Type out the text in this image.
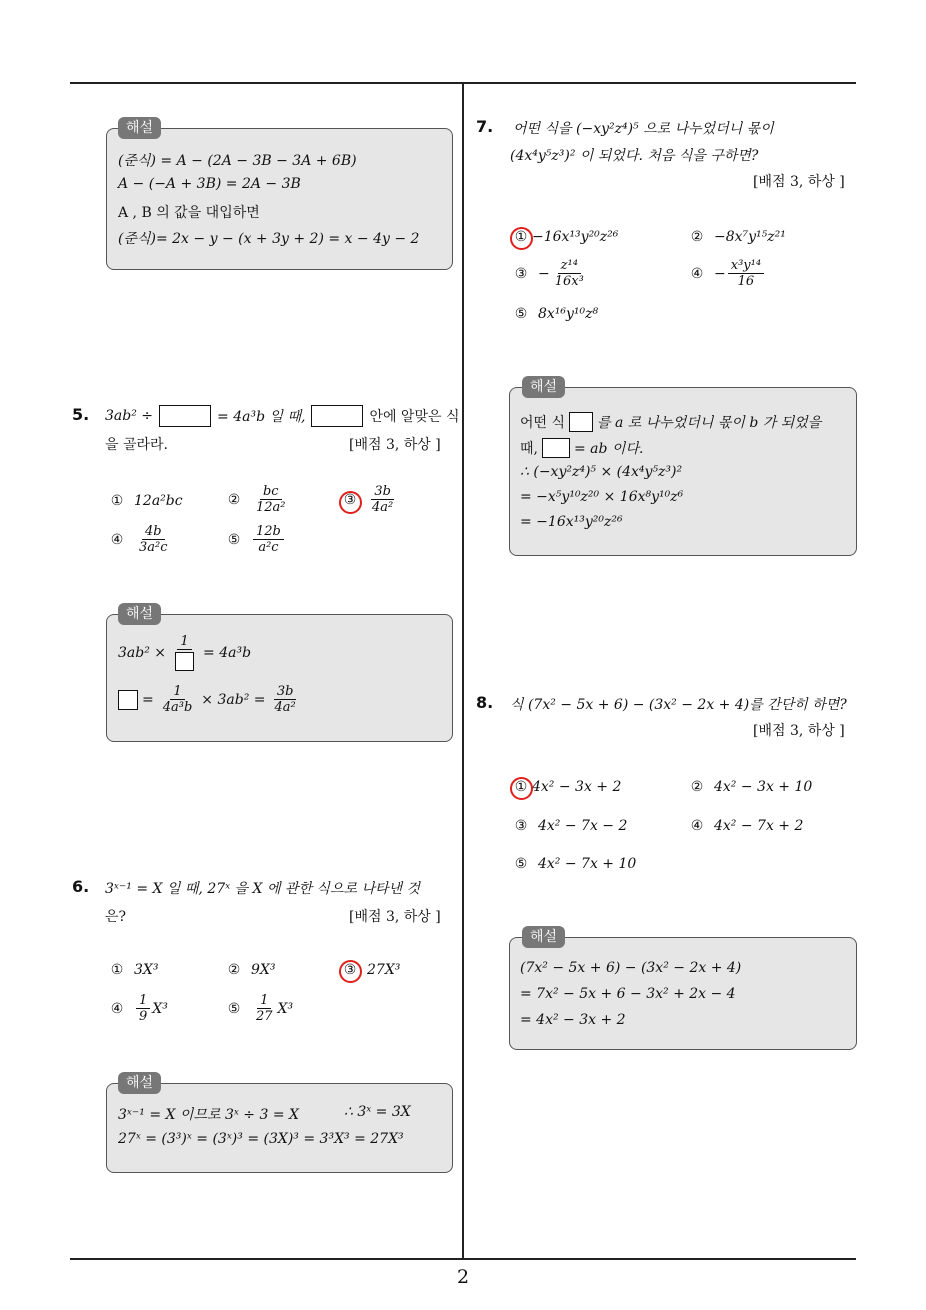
2
해설
(준식) = A − (2A − 3B − 3A + 6B)
A − (−A + 3B) = 2A − 3B
A , B 의 값을 대입하면
(준식)= 2x − y − (x + 3y + 2) = x − 4y − 2
5. 3ab² ÷	= 4a³b 일 때,	안에 알맞은 식
을 골라라.	[배점 3, 하상 ]
① 12a²bc	② $\frac{bc}{\text{12a²}}$	③ $\frac{3b}{\text{4a²}}$
④ $\frac{4b}{\text{3a²c}}$	⑤ $\frac{12b}{\text{a²c}}$
해설
3ab² ×
1
= 4a³b
= $\frac{1}{\text{4a³b}} \times 3ab^2 = \frac{3b}{\text{4a²}}$
6. 3ˣ⁻¹ = X 일 때, 27ˣ 을 X 에 관한 식으로 나타낸 것
은?	[배점 3, 하상 ]
① 3X³	② 9X³	③ 27X³
④ $\frac{1}{9} X^3$	⑤ $\frac{1}{27} X^3$
해설
3ˣ⁻¹ = X 이므로 3ˣ ÷ 3 = X	∴ 3ˣ = 3X
27ˣ = (3³)ˣ = (3ˣ)³ = (3X)³ = 3³X³ = 27X³
7. 어떤 식을 (−xy²z⁴)⁵ 으로 나누었더니 몫이
(4x⁴y⁵z³)² 이 되었다. 처음 식을 구하면?
[배점 3, 하상 ]
① −16x¹³y²⁰z²⁶	② −8x⁷y¹⁵z²¹
③ − $\frac{\text{z¹⁴}}{\text{16x³}}$	④ − $\frac{\text{x³y¹⁴}}{16}$
⑤ 8x¹⁶y¹⁰z⁸
해설
어떤 식 를 a 로 나누었더니 몫이 b 가 되었을
때,	= ab 이다.
∴ (−xy²z⁴)⁵ × (4x⁴y⁵z³)²
= −x⁵y¹⁰z²⁰ × 16x⁸y¹⁰z⁶
= −16x¹³y²⁰z²⁶
8. 식 (7x² − 5x + 6) − (3x² − 2x + 4)를 간단히 하면?
[배점 3, 하상 ]
① 4x² − 3x + 2	② 4x² − 3x + 10
③ 4x² − 7x − 2	④ 4x² − 7x + 2
⑤ 4x² − 7x + 10
해설
(7x² − 5x + 6) − (3x² − 2x + 4)
= 7x² − 5x + 6 − 3x² + 2x − 4
= 4x² − 3x + 2
